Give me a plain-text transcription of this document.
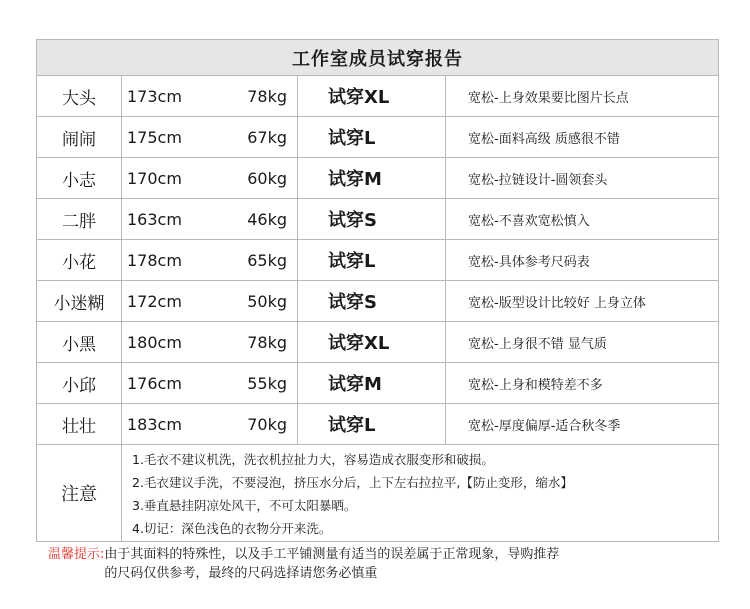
工作室成员试穿报告
大头	173cm	78kg	试穿XL	宽松-上身效果要比图片长点
闹闹	175cm	67kg	试穿L	宽松-面料高级 质感很不错
小志	170cm	60kg	试穿M	宽松-拉链设计-圆领套头
二胖	163cm	46kg	试穿S	宽松-不喜欢宽松慎入
小花	178cm	65kg	试穿L	宽松-具体参考尺码表
小迷糊	172cm	50kg	试穿S	宽松-版型设计比较好 上身立体
小黑	180cm	78kg	试穿XL	宽松-上身很不错 显气质
小邱	176cm	55kg	试穿M	宽松-上身和模特差不多
壮壮	183cm	70kg	试穿L	宽松-厚度偏厚-适合秋冬季
注意
1.毛衣不建议机洗，洗衣机拉扯力大，容易造成衣服变形和破损。
2.毛衣建议手洗，不要浸泡，挤压水分后，上下左右拉拉平,【防止变形，缩水】
3.垂直悬挂阴凉处风干，不可太阳暴晒。
4.切记：深色浅色的衣物分开来洗。
温馨提示: 由于其面料的特殊性，以及手工平铺测量有适当的误差属于正常现象，导购推荐
的尺码仅供参考，最终的尺码选择请您务必慎重
